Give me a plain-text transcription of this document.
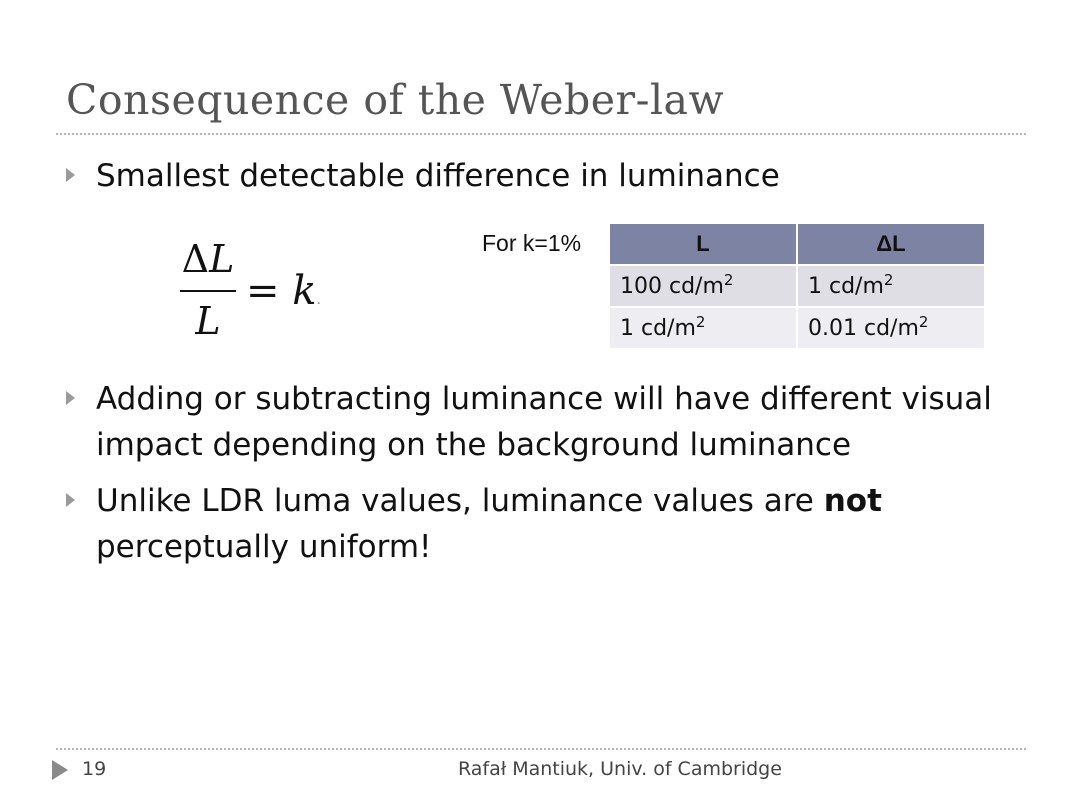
Consequence of the Weber-law
Smallest detectable difference in luminance
ΔL
L
= k.
For k=1%	L	ΔL
100 $cd/m^2$	1 $cd/m^2$
1 $cd/m^2$	0.01 $cd/m^2$
Adding or subtracting luminance will have different visual impact depending on the background luminance
Unlike LDR luma values, luminance values are not perceptually uniform!
19	Rafał Mantiuk, Univ. of Cambridge
